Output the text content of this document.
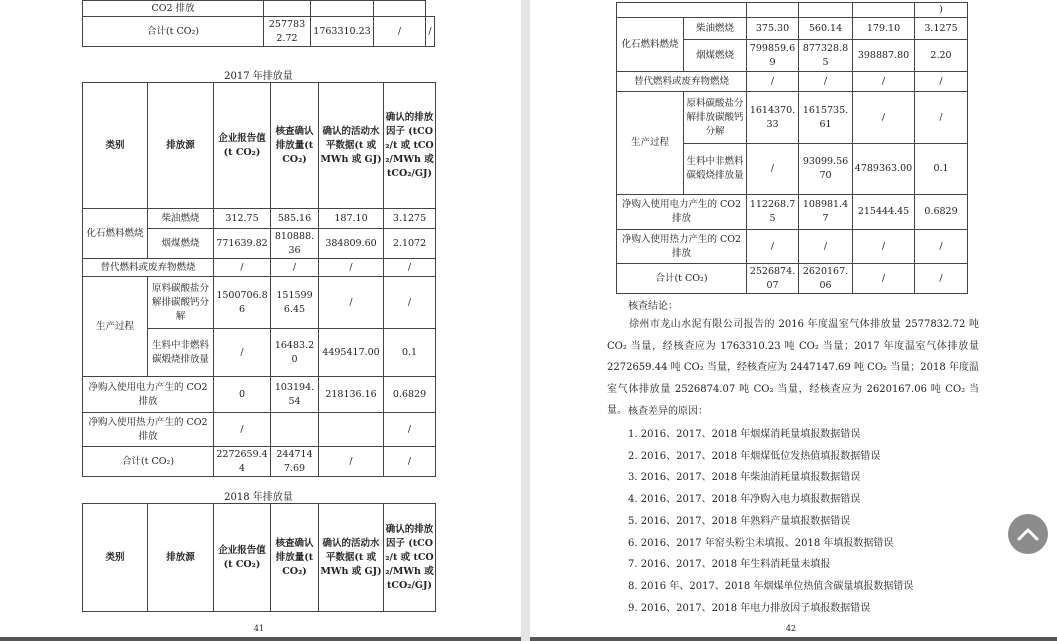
CO2 排放				
合计(t CO₂)	2577832.72	1763310.23	/	/
2017 年排放量
类别	排放源	企业报告值(t CO₂)	核查确认排放量(t CO₂)	确认的活动水平数据(t 或 MWh 或 GJ)	确认的排放因子 (tCO₂/t 或 tCO₂/MWh 或 tCO₂/GJ)
化石燃料燃烧	柴油燃烧	312.75	585.16	187.10	3.1275
	烟煤燃烧	771639.82	810888.36	384809.60	2.1072
替代燃料或废弃物燃烧		/	/	/	/
生产过程	原料碳酸盐分解排碳酸钙分解	1500706.86	1515996.45	/	/
	生料中非燃料碳煅烧排放量	/	16483.20	4495417.00	0.1
净购入使用电力产生的 CO2 排放		0	103194.54	218136.16	0.6829
净购入使用热力产生的 CO2 排放		/			/
合计(t CO₂)		2272659.44	2447147.69	/	/
2018 年排放量
类别	排放源	企业报告值(t CO₂)	核查确认排放量(t CO₂)	确认的活动水平数据(t 或 MWh 或 GJ)	确认的排放因子 (tCO₂/t 或 tCO₂/MWh 或 tCO₂/GJ)
41
					)
化石燃料燃烧	柴油燃烧	375.30	560.14	179.10	3.1275
	烟煤燃烧	799859.69	877328.85	398887.80	2.20
替代燃料或废弃物燃烧		/	/	/	/
生产过程	原料碳酸盐分解排放碳酸钙分解	1614370.33	1615735.61	/	/
	生料中非燃料碳煅烧排放量	/	93099.5670	4789363.00	0.1
净购入使用电力产生的 CO2 排放		112268.75	108981.47	215444.45	0.6829
净购入使用热力产生的 CO2 排放		/	/	/	/
合计(t CO₂)		2526874.07	2620167.06	/	/
42
核查结论：
徐州市龙山水泥有限公司报告的 2016 年度温室气体排放量 2577832.72 吨 CO₂ 当量，经核查应为 1763310.23 吨 CO₂ 当量；2017 年度温室气体排放量 2272659.44 吨 CO₂ 当量，经核查应为 2447147.69 吨 CO₂ 当量；2018 年度温室气体排放量 2526874.07 吨 CO₂ 当量，经核查应为 2620167.06 吨 CO₂ 当量。 核查差异的原因：
1. 2016、2017、2018 年烟煤消耗量填报数据错误
2. 2016、2017、2018 年烟煤低位发热值填报数据错误
3. 2016、2017、2018 年柴油消耗量填报数据错误
4. 2016、2017、2018 年净购入电力填报数据错误
5. 2016、2017、2018 年熟料产量填报数据错误
6. 2016、2017 年窑头粉尘未填报、2018 年填报数据错误
7. 2016、2017、2018 年生料消耗量未填报
8. 2016 年、2017、2018 年烟煤单位热值含碳量填报数据错误
9. 2016、2017、2018 年电力排放因子填报数据错误
